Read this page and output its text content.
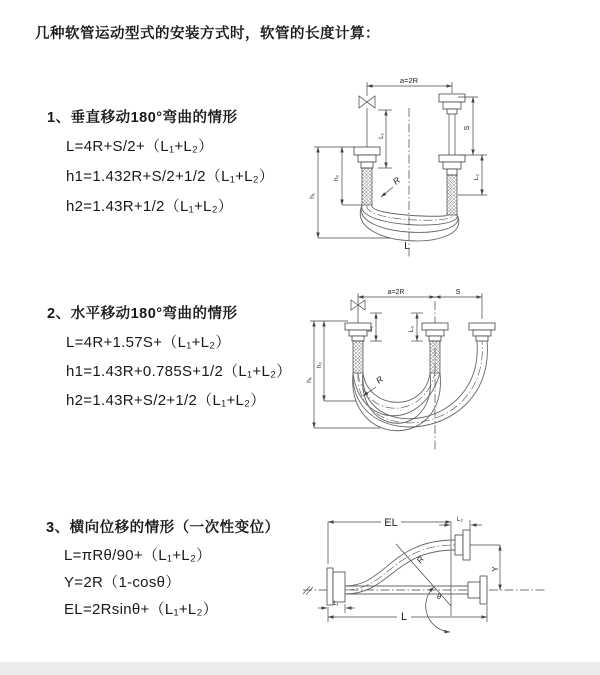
几种软管运动型式的安装方式时，软管的长度计算：
1、垂直移动180°弯曲的情形
L=4R+S/2+（L₁+L₂）
h1=1.432R+S/2+1/2（L₁+L₂）
h2=1.43R+1/2（L₁+L₂）
2、水平移动180°弯曲的情形
L=4R+1.57S+（L₁+L₂）
h1=1.43R+0.785S+1/2（L₁+L₂）
h2=1.43R+S/2+1/2（L₁+L₂）
3、横向位移的情形（一次性变位）
L=πRθ/90+（L₁+L₂）
Y=2R（1-cosθ）
EL=2Rsinθ+（L₁+L₂）
a=2R
L₁
S
L₂
h₁
h₂	R
L
a=2R	S
L₁	L₂
h₁
h₂
R
EL	L₂
Y
R
θ
L
L₁
